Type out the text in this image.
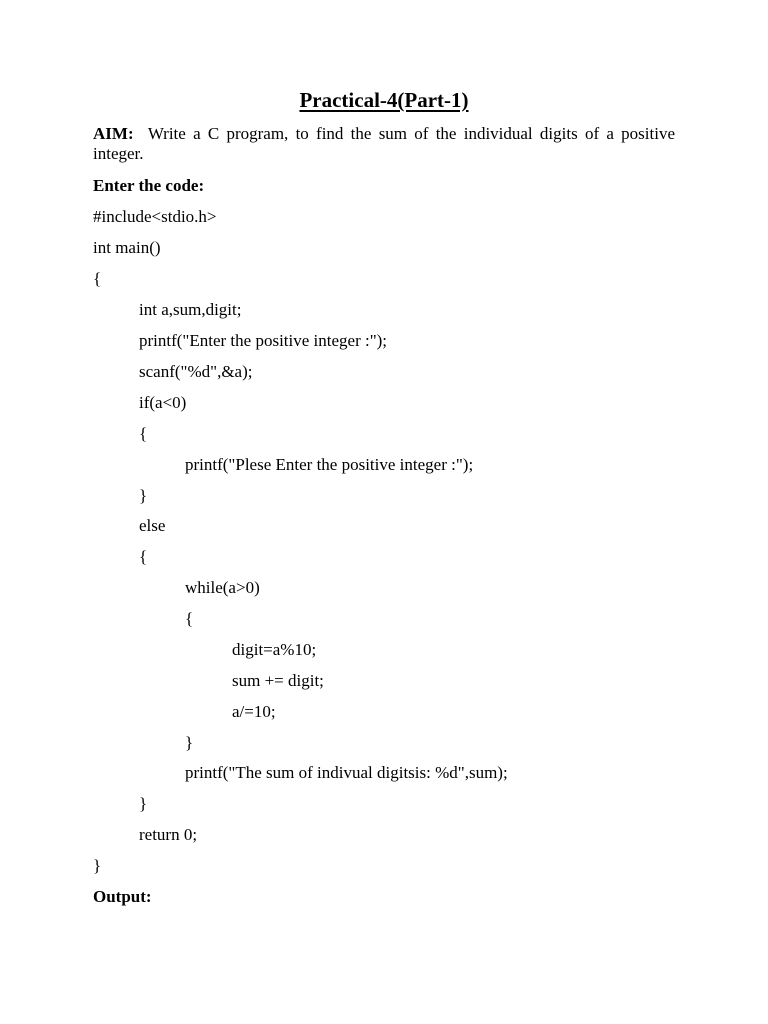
Practical-4(Part-1)
AIM: Write a C program, to find the sum of the individual digits of a positive integer.
Enter the code:
#include<stdio.h>
int main()
{
int a,sum,digit;
printf("Enter the positive integer :");
scanf("%d",&a);
if(a<0)
{
printf("Plese Enter the positive integer :");
}
else
{
while(a>0)
{
digit=a%10;
sum += digit;
a/=10;
}
printf("The sum of indivual digitsis: %d",sum);
}
return 0;
}
Output:
